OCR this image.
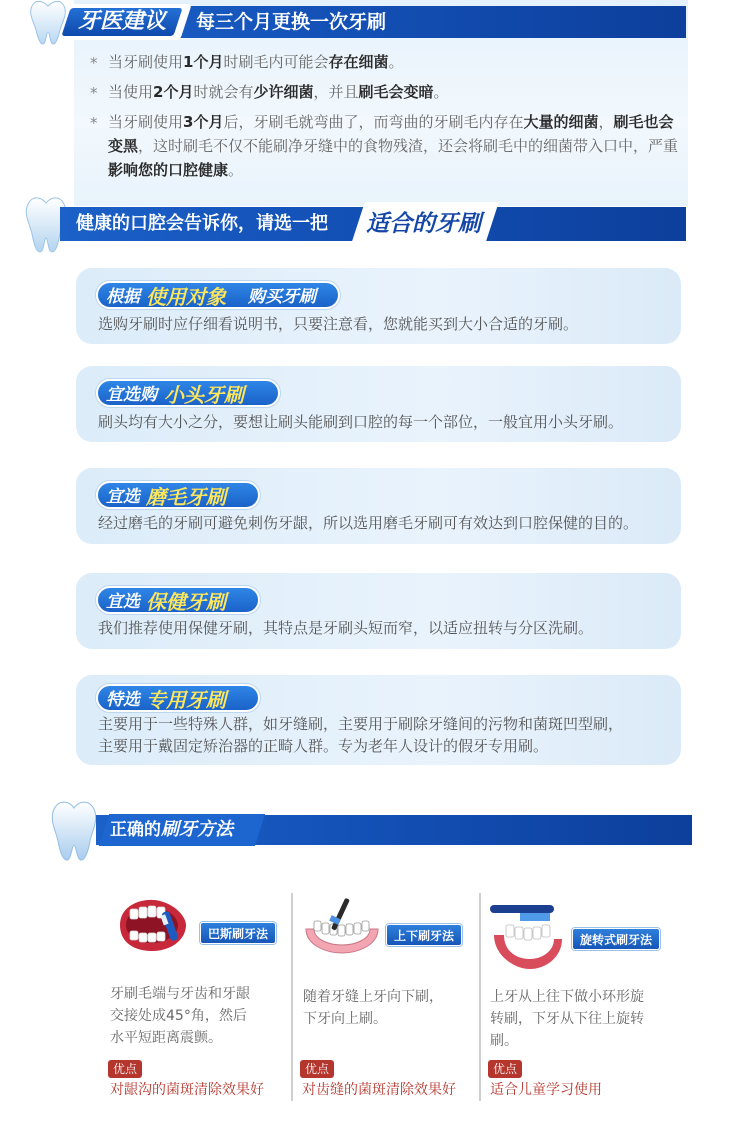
牙医建议	每三个月更换一次牙刷
* 当牙刷使用1个月时刷毛内可能会存在细菌。
* 当使用2个月时就会有少许细菌，并且刷毛会变暗。
* 当牙刷使用3个月后，牙刷毛就弯曲了，而弯曲的牙刷毛内存在大量的细菌，刷毛也会变黑，这时刷毛不仅不能刷净牙缝中的食物残渣，还会将刷毛中的细菌带入口中，严重影响您的口腔健康。
健康的口腔会告诉你，请选一把 适合的牙刷
根据 使用对象 购买牙刷
选购牙刷时应仔细看说明书，只要注意看，您就能买到大小合适的牙刷。
宜选购 小头牙刷
刷头均有大小之分，要想让刷头能刷到口腔的每一个部位，一般宜用小头牙刷。
宜选 磨毛牙刷
经过磨毛的牙刷可避免刺伤牙龈，所以选用磨毛牙刷可有效达到口腔保健的目的。
宜选 保健牙刷
我们推荐使用保健牙刷，其特点是牙刷头短而窄，以适应扭转与分区洗刷。
特选 专用牙刷
主要用于一些特殊人群，如牙缝刷，主要用于刷除牙缝间的污物和菌斑凹型刷，
主要用于戴固定矫治器的正畸人群。专为老年人设计的假牙专用刷。
正确的刷牙方法
巴斯刷牙法	上下刷牙法	旋转式刷牙法
牙刷毛端与牙齿和牙龈
交接处成45°角，然后
水平短距离震颤。
随着牙缝上牙向下刷，
下牙向上刷。
上牙从上往下做小环形旋
转刷，下牙从下往上旋转
刷。
优点
对龈沟的菌斑清除效果好
优点
对齿缝的菌斑清除效果好
优点
适合儿童学习使用
